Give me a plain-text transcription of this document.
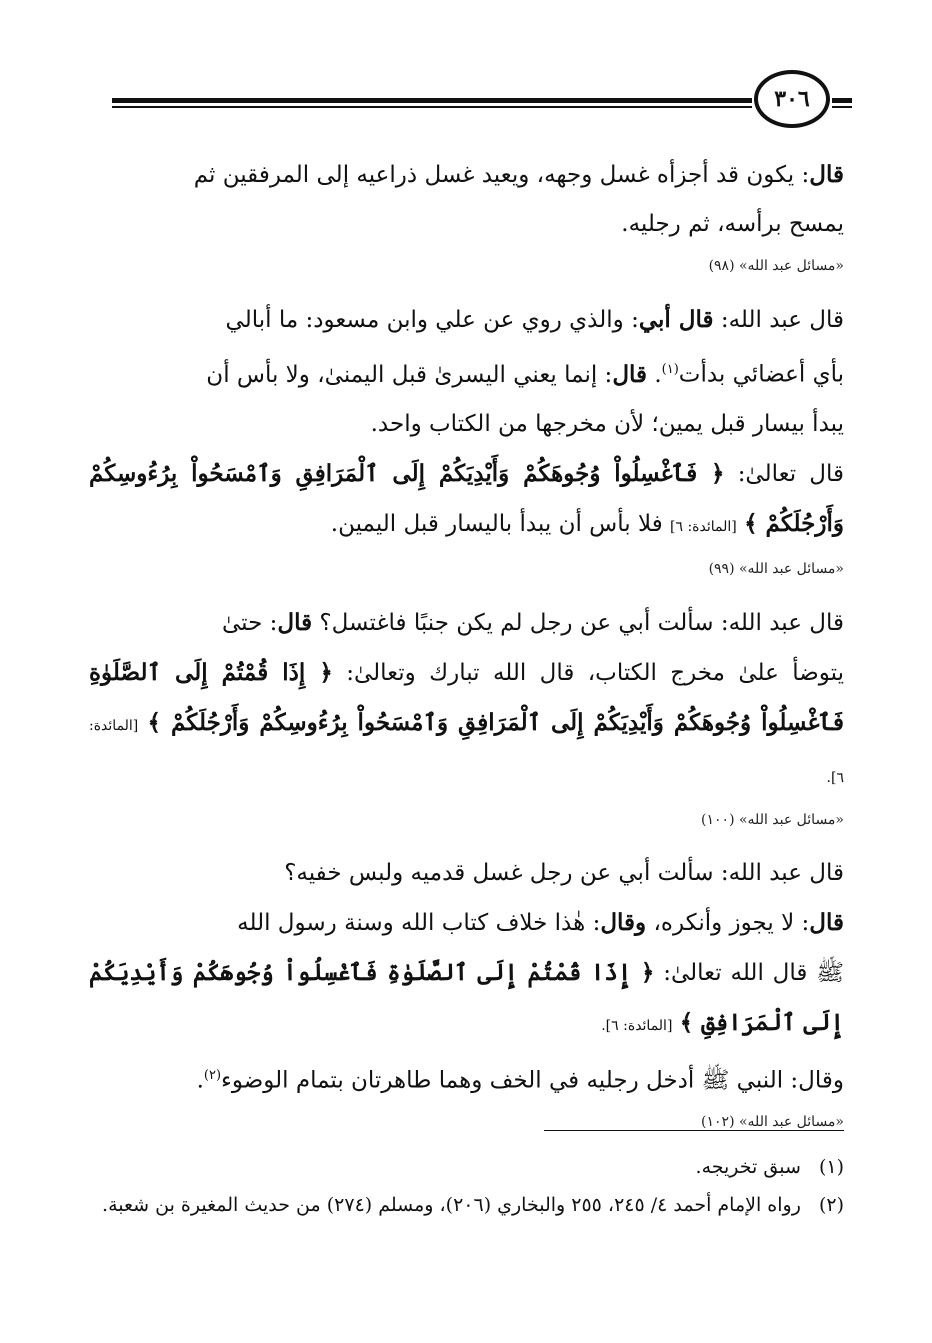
٣٠٦

قال: يكون قد أجزأه غسل وجهه، ويعيد غسل ذراعيه إلى المرفقين ثم
يمسح برأسه، ثم رجليه.

«مسائل عبد الله» (٩٨)

قال عبد الله: قال أبي: والذي روي عن علي وابن مسعود: ما أبالي
بأي أعضائي بدأت$^{(١)}$. قال: إنما يعني اليسرىٰ قبل اليمنىٰ، ولا بأس أن
يبدأ بيسار قبل يمين؛ لأن مخرجها من الكتاب واحد.

قال تعالىٰ: ﴿ فَٱغْسِلُواْ وُجُوهَكُمْ وَأَيْدِيَكُمْ إِلَى ٱلْمَرَافِقِ وَٱمْسَحُواْ بِرُءُوسِكُمْ وَأَرْجُلَكُمْ ﴾ [المائدة: ٦] فلا بأس أن يبدأ باليسار قبل اليمين.

«مسائل عبد الله» (٩٩)

قال عبد الله: سألت أبي عن رجل لم يكن جنبًا فاغتسل؟ قال: حتىٰ
يتوضأ علىٰ مخرج الكتاب، قال الله تبارك وتعالىٰ: ﴿ إِذَا قُمْتُمْ إِلَى ٱلصَّلَوٰةِ فَٱغْسِلُواْ وُجُوهَكُمْ وَأَيْدِيَكُمْ إِلَى ٱلْمَرَافِقِ وَٱمْسَحُواْ بِرُءُوسِكُمْ وَأَرْجُلَكُمْ ﴾ [المائدة: ٦].

«مسائل عبد الله» (١٠٠)

قال عبد الله: سألت أبي عن رجل غسل قدميه ولبس خفيه؟
قال: لا يجوز وأنكره، وقال: هٰذا خلاف كتاب الله وسنة رسول الله
ﷺ قال الله تعالىٰ: ﴿ إِذَا قُمْتُمْ إِلَى ٱلصَّلَوٰةِ فَٱغْسِلُواْ وُجُوهَكُمْ وَأَيْدِيَكُمْ إِلَى ٱلْمَرَافِقِ ﴾ [المائدة: ٦].

وقال: النبي ﷺ أدخل رجليه في الخف وهما طاهرتان بتمام الوضوء$^{(٢)}$.

«مسائل عبد الله» (١٠٢)

(١) سبق تخريجه.

(٢) رواه الإمام أحمد ٤/ ٢٤٥، ٢٥٥ والبخاري (٢٠٦)، ومسلم (٢٧٤) من حديث المغيرة بن شعبة.
